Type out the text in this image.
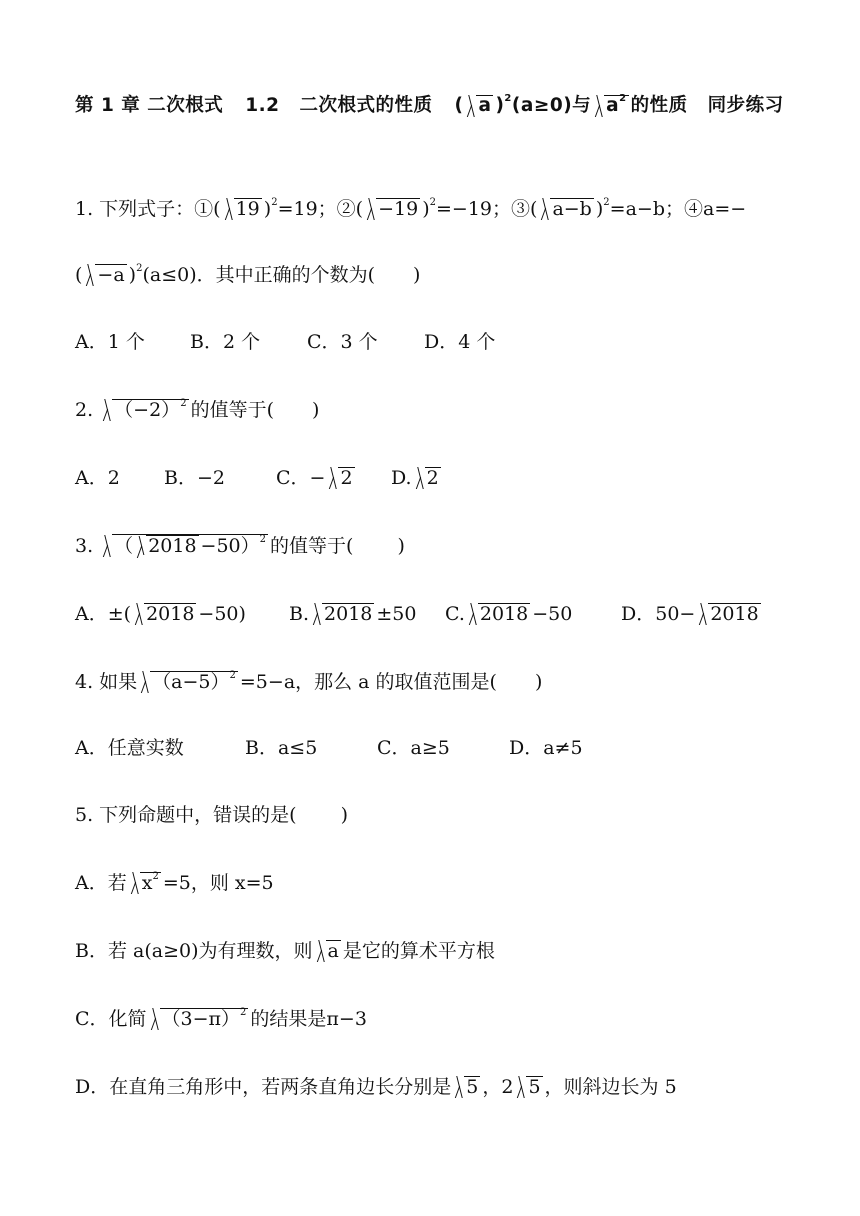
第 1 章 二次根式 1.2 二次根式的性质 ( a )$^2$(a≥0)与 $a^2$ 的性质 同步练习
1. 下列式子：①( 19 )$^2$=19；②( −19 )$^2$=−19；③( a−b )$^2$=a−b；④a=−
( −a )$^2$(a≤0)．其中正确的个数为(　　)
A．1 个 B．2 个 C．3 个 D．4 个
2. $(-2)^2$ 的值等于(　　)
A．2 B．−2	C．− 2 D. 2
3. （ 2018 −50）$^2$ 的值等于(　　 )
A．±( 2018 −50) B. 2018 ±50 C. 2018 −50	D．50− 2018
4. 如果 $(a-5)^2 =5-a$，那么 a 的取值范围是(　　)
A．任意实数	B．a≤5	C．a≥5	D．a≠5
5. 下列命题中，错误的是(　　 )
A．若 $x^2 =5$，则 x=5
B．若 a(a≥0)为有理数，则 a 是它的算术平方根
C．化简 $(3-\pi)^2$ 的结果是π−3
D．在直角三角形中，若两条直角边长分别是 5 ，2 5 ，则斜边长为 5
